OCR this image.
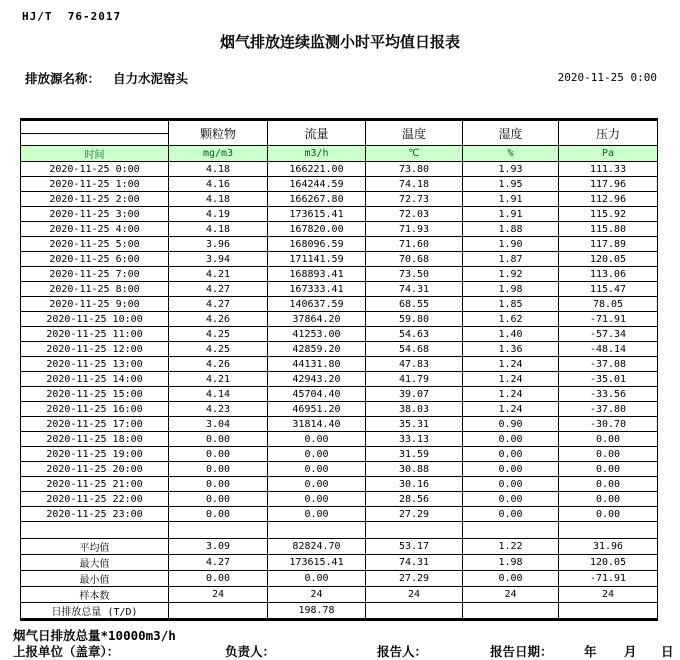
HJ/T  76-2017
烟气排放连续监测小时平均值日报表
排放源名称： 自力水泥窑头	2020-11-25 0:00
	颗粒物	流量	温度	湿度	压力
时间	mg/m3	m3/h	℃	%	Pa
2020-11-25 0:00	4.18	166221.00	73.80	1.93	111.33
2020-11-25 1:00	4.16	164244.59	74.18	1.95	117.96
2020-11-25 2:00	4.18	166267.80	72.73	1.91	112.96
2020-11-25 3:00	4.19	173615.41	72.03	1.91	115.92
2020-11-25 4:00	4.18	167820.00	71.93	1.88	115.80
2020-11-25 5:00	3.96	168096.59	71.60	1.90	117.89
2020-11-25 6:00	3.94	171141.59	70.68	1.87	120.05
2020-11-25 7:00	4.21	168893.41	73.50	1.92	113.06
2020-11-25 8:00	4.27	167333.41	74.31	1.98	115.47
2020-11-25 9:00	4.27	140637.59	68.55	1.85	78.05
2020-11-25 10:00	4.26	37864.20	59.80	1.62	-71.91
2020-11-25 11:00	4.25	41253.00	54.63	1.40	-57.34
2020-11-25 12:00	4.25	42859.20	54.68	1.36	-48.14
2020-11-25 13:00	4.26	44131.80	47.83	1.24	-37.08
2020-11-25 14:00	4.21	42943.20	41.79	1.24	-35.01
2020-11-25 15:00	4.14	45704.40	39.07	1.24	-33.56
2020-11-25 16:00	4.23	46951.20	38.03	1.24	-37.80
2020-11-25 17:00	3.04	31814.40	35.31	0.90	-30.70
2020-11-25 18:00	0.00	0.00	33.13	0.00	0.00
2020-11-25 19:00	0.00	0.00	31.59	0.00	0.00
2020-11-25 20:00	0.00	0.00	30.88	0.00	0.00
2020-11-25 21:00	0.00	0.00	30.16	0.00	0.00
2020-11-25 22:00	0.00	0.00	28.56	0.00	0.00
2020-11-25 23:00	0.00	0.00	27.29	0.00	0.00

平均值	3.09	82824.70	53.17	1.22	31.96
最大值	4.27	173615.41	74.31	1.98	120.05
最小值	0.00	0.00	27.29	0.00	-71.91
样本数	24	24	24	24	24
日排放总量 (T/D)		198.78			
烟气日排放总量*10000m3/h
上报单位（盖章）：	负责人：	报告人：	报告日期：	年 月 日
